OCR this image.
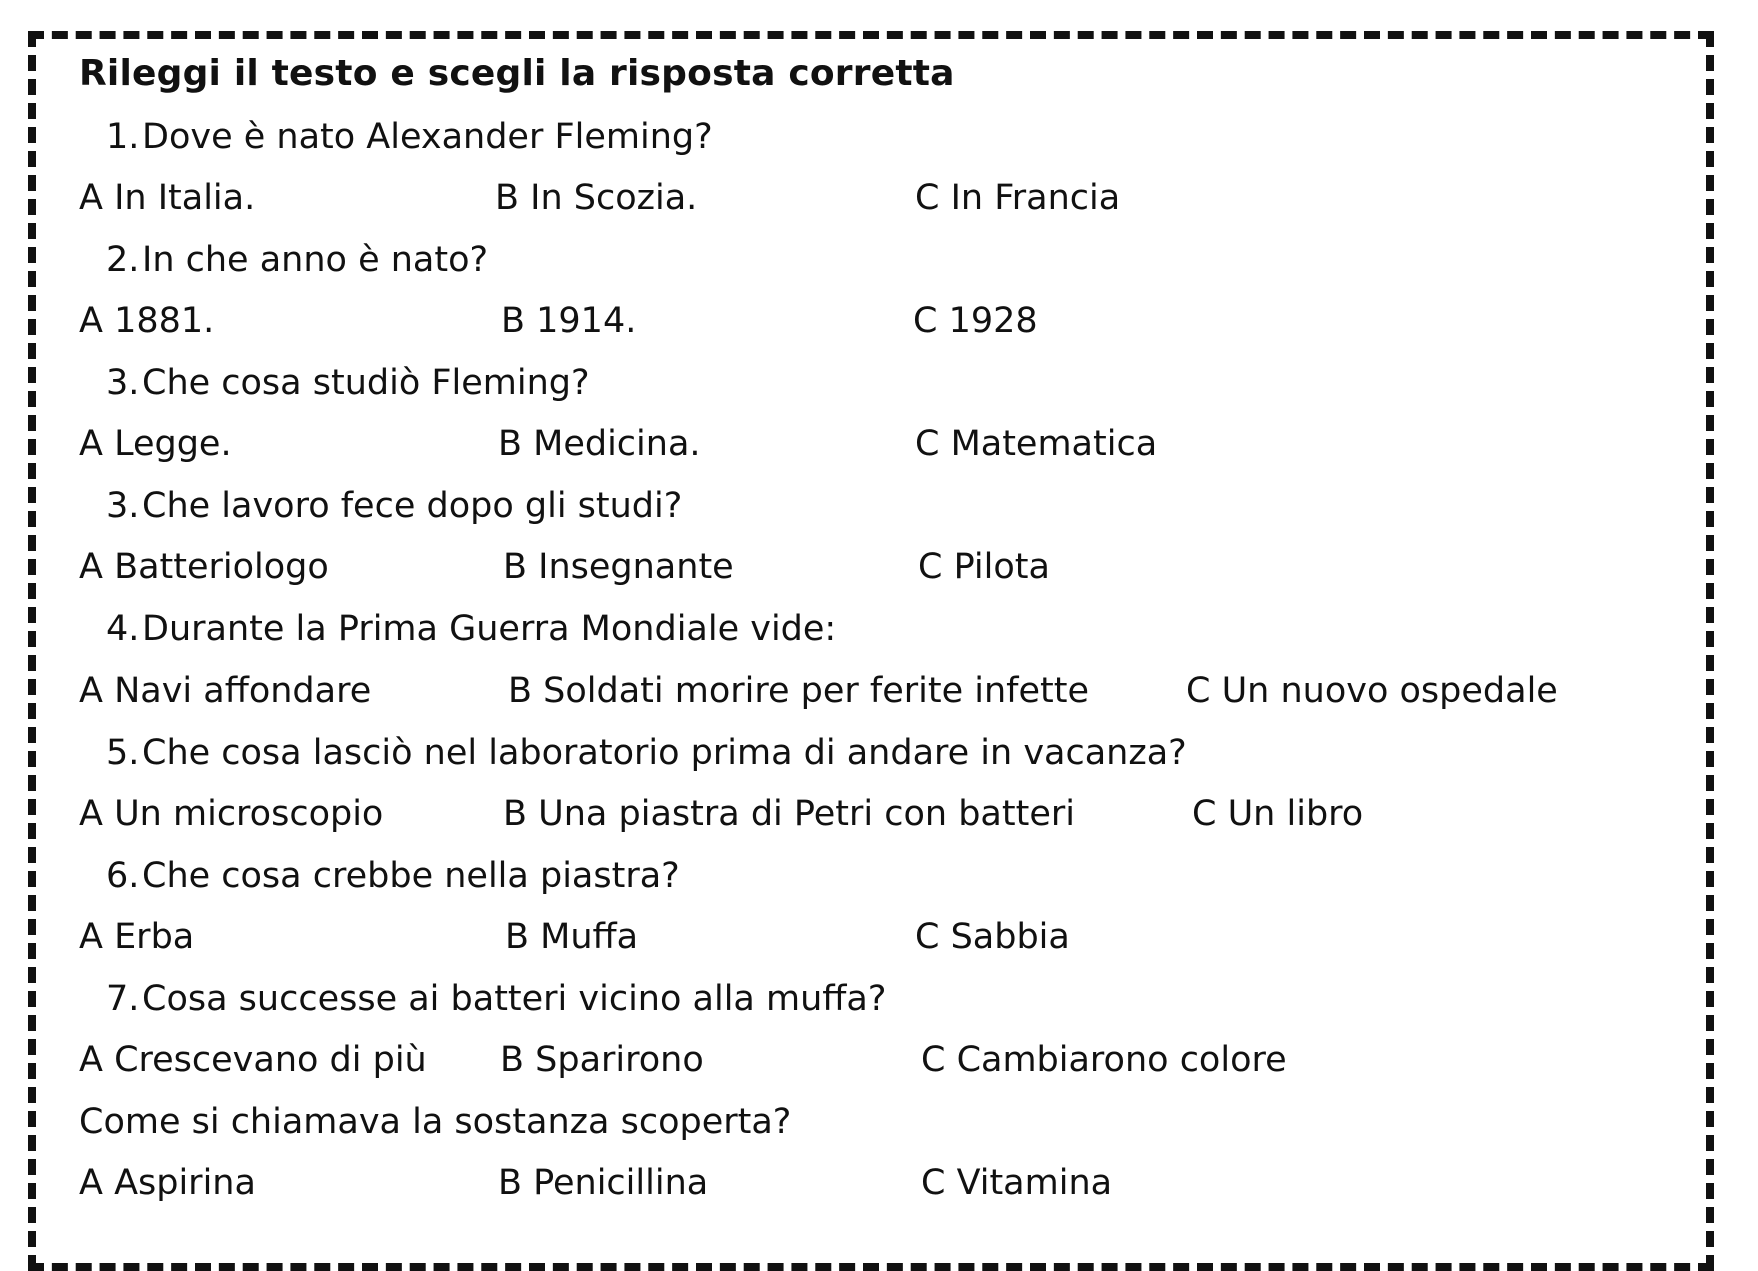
Rileggi il testo e scegli la risposta corretta
1.Dove è nato Alexander Fleming?
A In Italia.	B In Scozia.	C In Francia
2.In che anno è nato?
A 1881.	B 1914.	C 1928
3.Che cosa studiò Fleming?
A Legge.	B Medicina.	C Matematica
3.Che lavoro fece dopo gli studi?
A Batteriologo	B Insegnante	C Pilota
4.Durante la Prima Guerra Mondiale vide:
A Navi affondare	B Soldati morire per ferite infette	C Un nuovo ospedale
5.Che cosa lasciò nel laboratorio prima di andare in vacanza?
A Un microscopio	B Una piastra di Petri con batteri	C Un libro
6.Che cosa crebbe nella piastra?
A Erba	B Muffa	C Sabbia
7.Cosa successe ai batteri vicino alla muffa?
A Crescevano di più B Sparirono	C Cambiarono colore
Come si chiamava la sostanza scoperta?
A Aspirina	B Penicillina	C Vitamina
